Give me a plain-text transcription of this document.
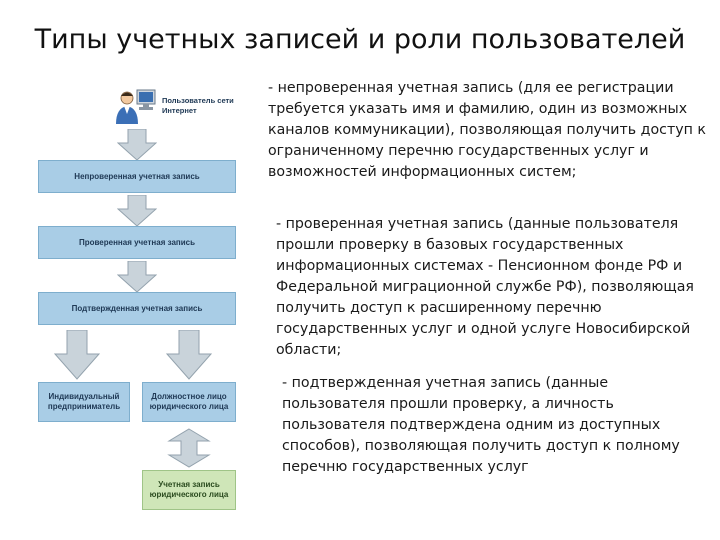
Типы учетных записей и роли пользователей
Пользователь сети
Интернет
Непроверенная учетная запись
Проверенная учетная запись
Подтвержденная учетная запись
Индивидуальный
предприниматель
Должностное лицо
юридического лица
Учетная запись
юридического лица

- непроверенная учетная запись (для ее регистрации требуется указать имя и фамилию, один из возможных каналов коммуникации), позволяющая получить доступ к ограниченному перечню государственных услуг и возможностей информационных систем;

- проверенная учетная запись (данные пользователя прошли проверку в базовых государственных информационных системах - Пенсионном фонде РФ и Федеральной миграционной службе РФ), позволяющая получить доступ к расширенному перечню государственных услуг и одной услуге Новосибирской области;

- подтвержденная учетная запись (данные пользователя прошли проверку, а личность пользователя подтверждена одним из доступных способов), позволяющая получить доступ к полному перечню государственных услуг
